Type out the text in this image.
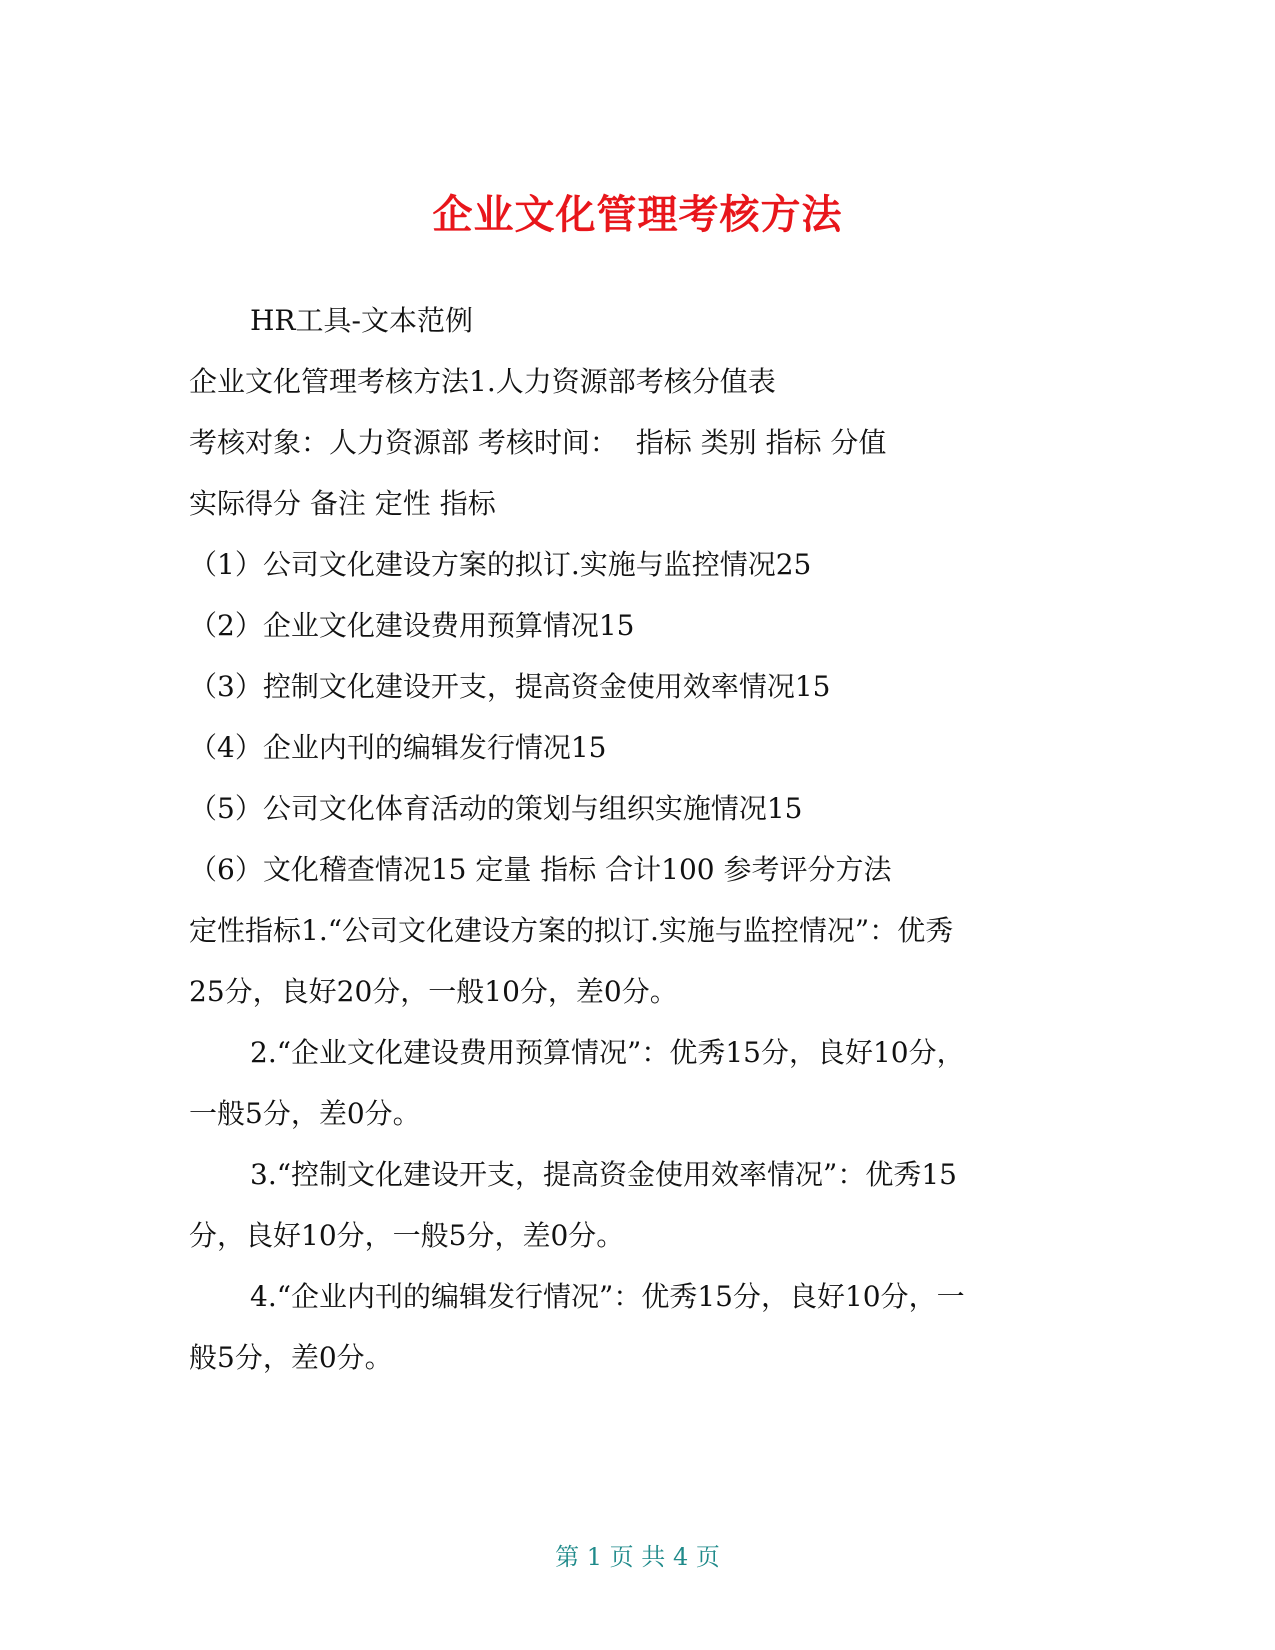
企业文化管理考核方法

HR工具-文本范例

企业文化管理考核方法1.人力资源部考核分值表

考核对象：人力资源部 考核时间：  指标 类别 指标 分值

实际得分 备注 定性 指标

（1）公司文化建设方案的拟订.实施与监控情况25

（2）企业文化建设费用预算情况15

（3）控制文化建设开支，提高资金使用效率情况15

（4）企业内刊的编辑发行情况15

（5）公司文化体育活动的策划与组织实施情况15

（6）文化稽查情况15 定量 指标 合计100 参考评分方法

定性指标1.“公司文化建设方案的拟订.实施与监控情况”：优秀

25分，良好20分，一般10分，差0分。

2.“企业文化建设费用预算情况”：优秀15分，良好10分，

一般5分，差0分。

3.“控制文化建设开支，提高资金使用效率情况”：优秀15

分，良好10分，一般5分，差0分。

4.“企业内刊的编辑发行情况”：优秀15分，良好10分，一

般5分，差0分。

第 1 页 共 4 页
